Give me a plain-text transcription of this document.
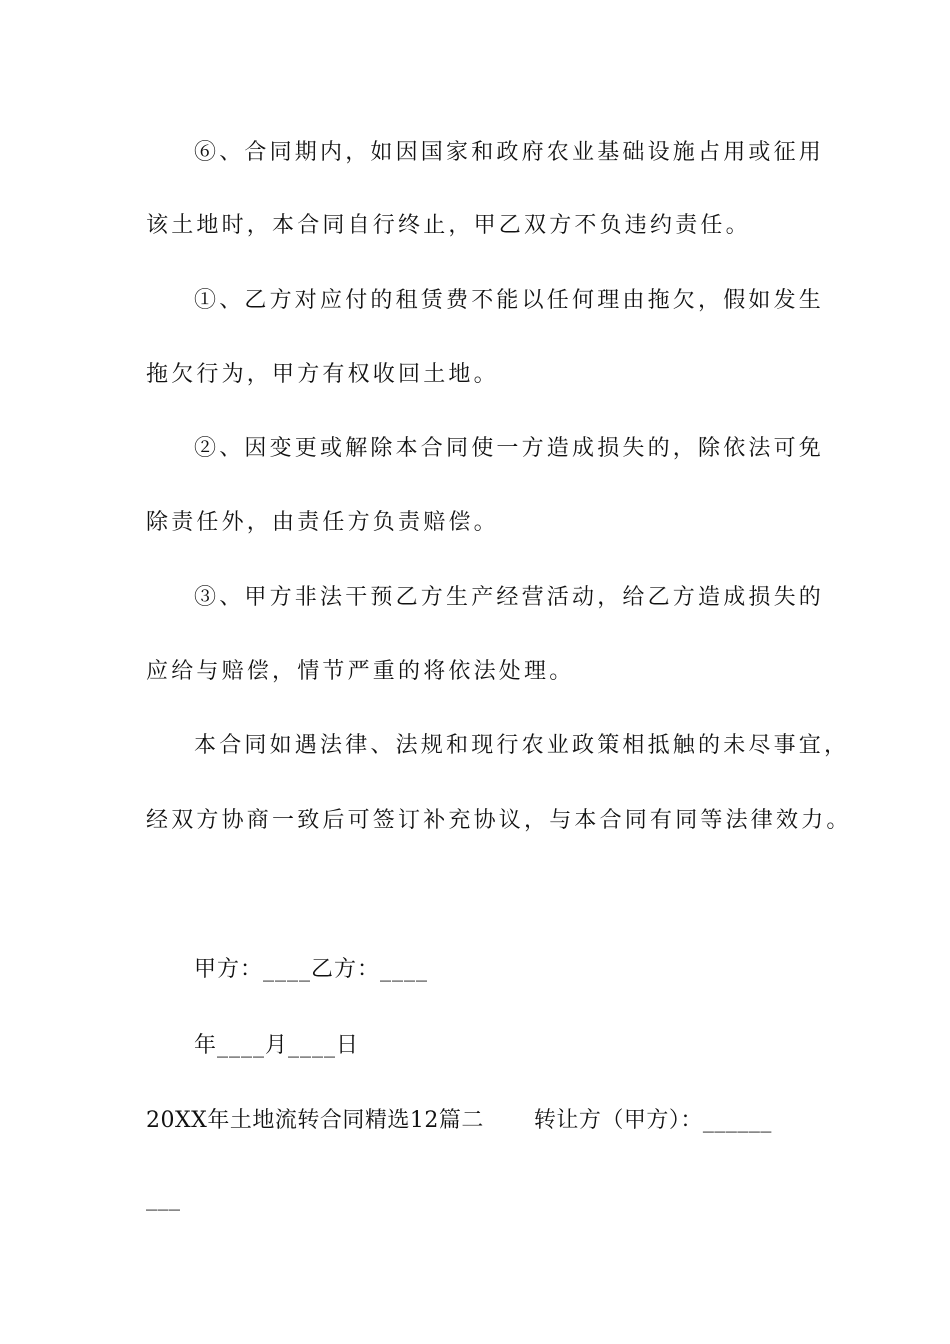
⑥、合同期内，如因国家和政府农业基础设施占用或征用
该土地时，本合同自行终止，甲乙双方不负违约责任。
①、乙方对应付的租赁费不能以任何理由拖欠，假如发生
拖欠行为，甲方有权收回土地。
②、因变更或解除本合同使一方造成损失的，除依法可免
除责任外，由责任方负责赔偿。
③、甲方非法干预乙方生产经营活动，给乙方造成损失的
应给与赔偿，情节严重的将依法处理。
本合同如遇法律、法规和现行农业政策相抵触的未尽事宜，
经双方协商一致后可签订补充协议，与本合同有同等法律效力。
甲方：____乙方：____
年____月____日
20XX年土地流转合同精选12篇二 转让方（甲方）：______
___
